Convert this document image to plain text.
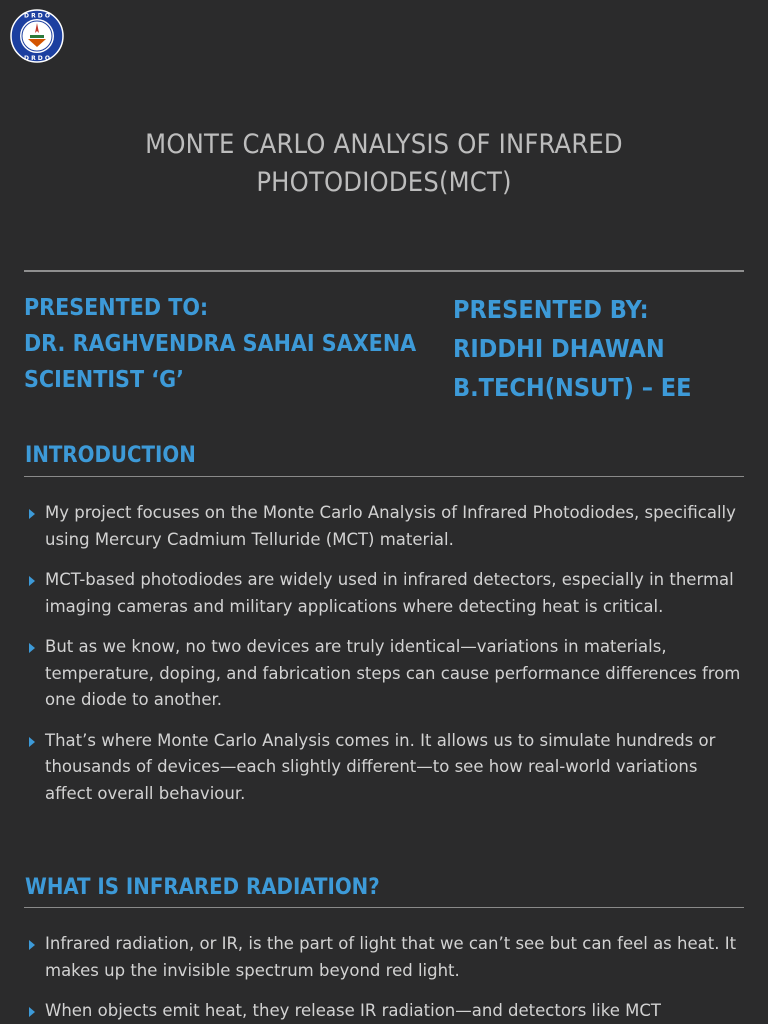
D R D O
D R D O
MONTE CARLO ANALYSIS OF INFRARED
PHOTODIODES(MCT)
PRESENTED TO:
DR. RAGHVENDRA SAHAI SAXENA
SCIENTIST ‘G’
PRESENTED BY:
RIDDHI DHAWAN
B.TECH(NSUT) – EE
INTRODUCTION
My project focuses on the Monte Carlo Analysis of Infrared Photodiodes, specifically using Mercury Cadmium Telluride (MCT) material.
MCT-based photodiodes are widely used in infrared detectors, especially in thermal imaging cameras and military applications where detecting heat is critical.
But as we know, no two devices are truly identical—variations in materials, temperature, doping, and fabrication steps can cause performance differences from one diode to another.
That’s where Monte Carlo Analysis comes in. It allows us to simulate hundreds or thousands of devices—each slightly different—to see how real-world variations affect overall behaviour.
WHAT IS INFRARED RADIATION?
Infrared radiation, or IR, is the part of light that we can’t see but can feel as heat. It makes up the invisible spectrum beyond red light.
When objects emit heat, they release IR radiation—and detectors like MCT
